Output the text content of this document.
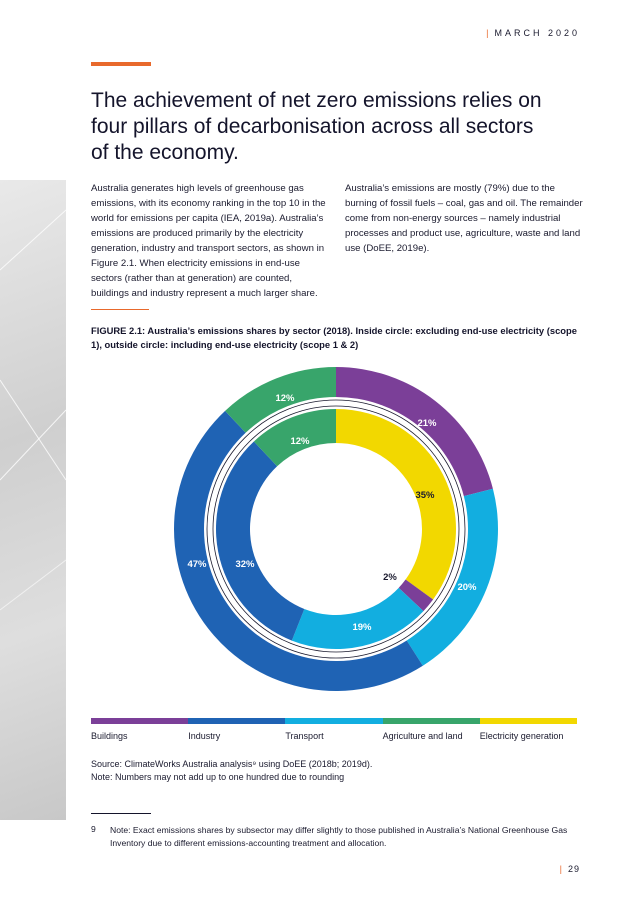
| MARCH 2020
The achievement of net zero emissions relies on four pillars of decarbonisation across all sectors of the economy.

Australia generates high levels of greenhouse gas emissions, with its economy ranking in the top 10 in the world for emissions per capita (IEA, 2019a). Australia’s emissions are produced primarily by the electricity generation, industry and transport sectors, as shown in Figure 2.1. When electricity emissions in end-use sectors (rather than at generation) are counted, buildings and industry represent a much larger share.

Australia’s emissions are mostly (79%) due to the burning of fossil fuels – coal, gas and oil. The remainder come from non-energy sources – namely industrial processes and product use, agriculture, waste and land use (DoEE, 2019e).

FIGURE 2.1: Australia’s emissions shares by sector (2018). Inside circle: excluding end-use electricity (scope 1), outside circle: including end-use electricity (scope 1 & 2)

21%
20%
47%
12%
35%
2%
19%
32%
12%
Buildings	Industry	Transport	Agriculture and land Electricity generation

Source: ClimateWorks Australia analysis⁹ using DoEE (2018b; 2019d).
Note: Numbers may not add up to one hundred due to rounding

9 Note: Exact emissions shares by subsector may differ slightly to those published in Australia’s National Greenhouse Gas Inventory due to different emissions-accounting treatment and allocation.

| 29
